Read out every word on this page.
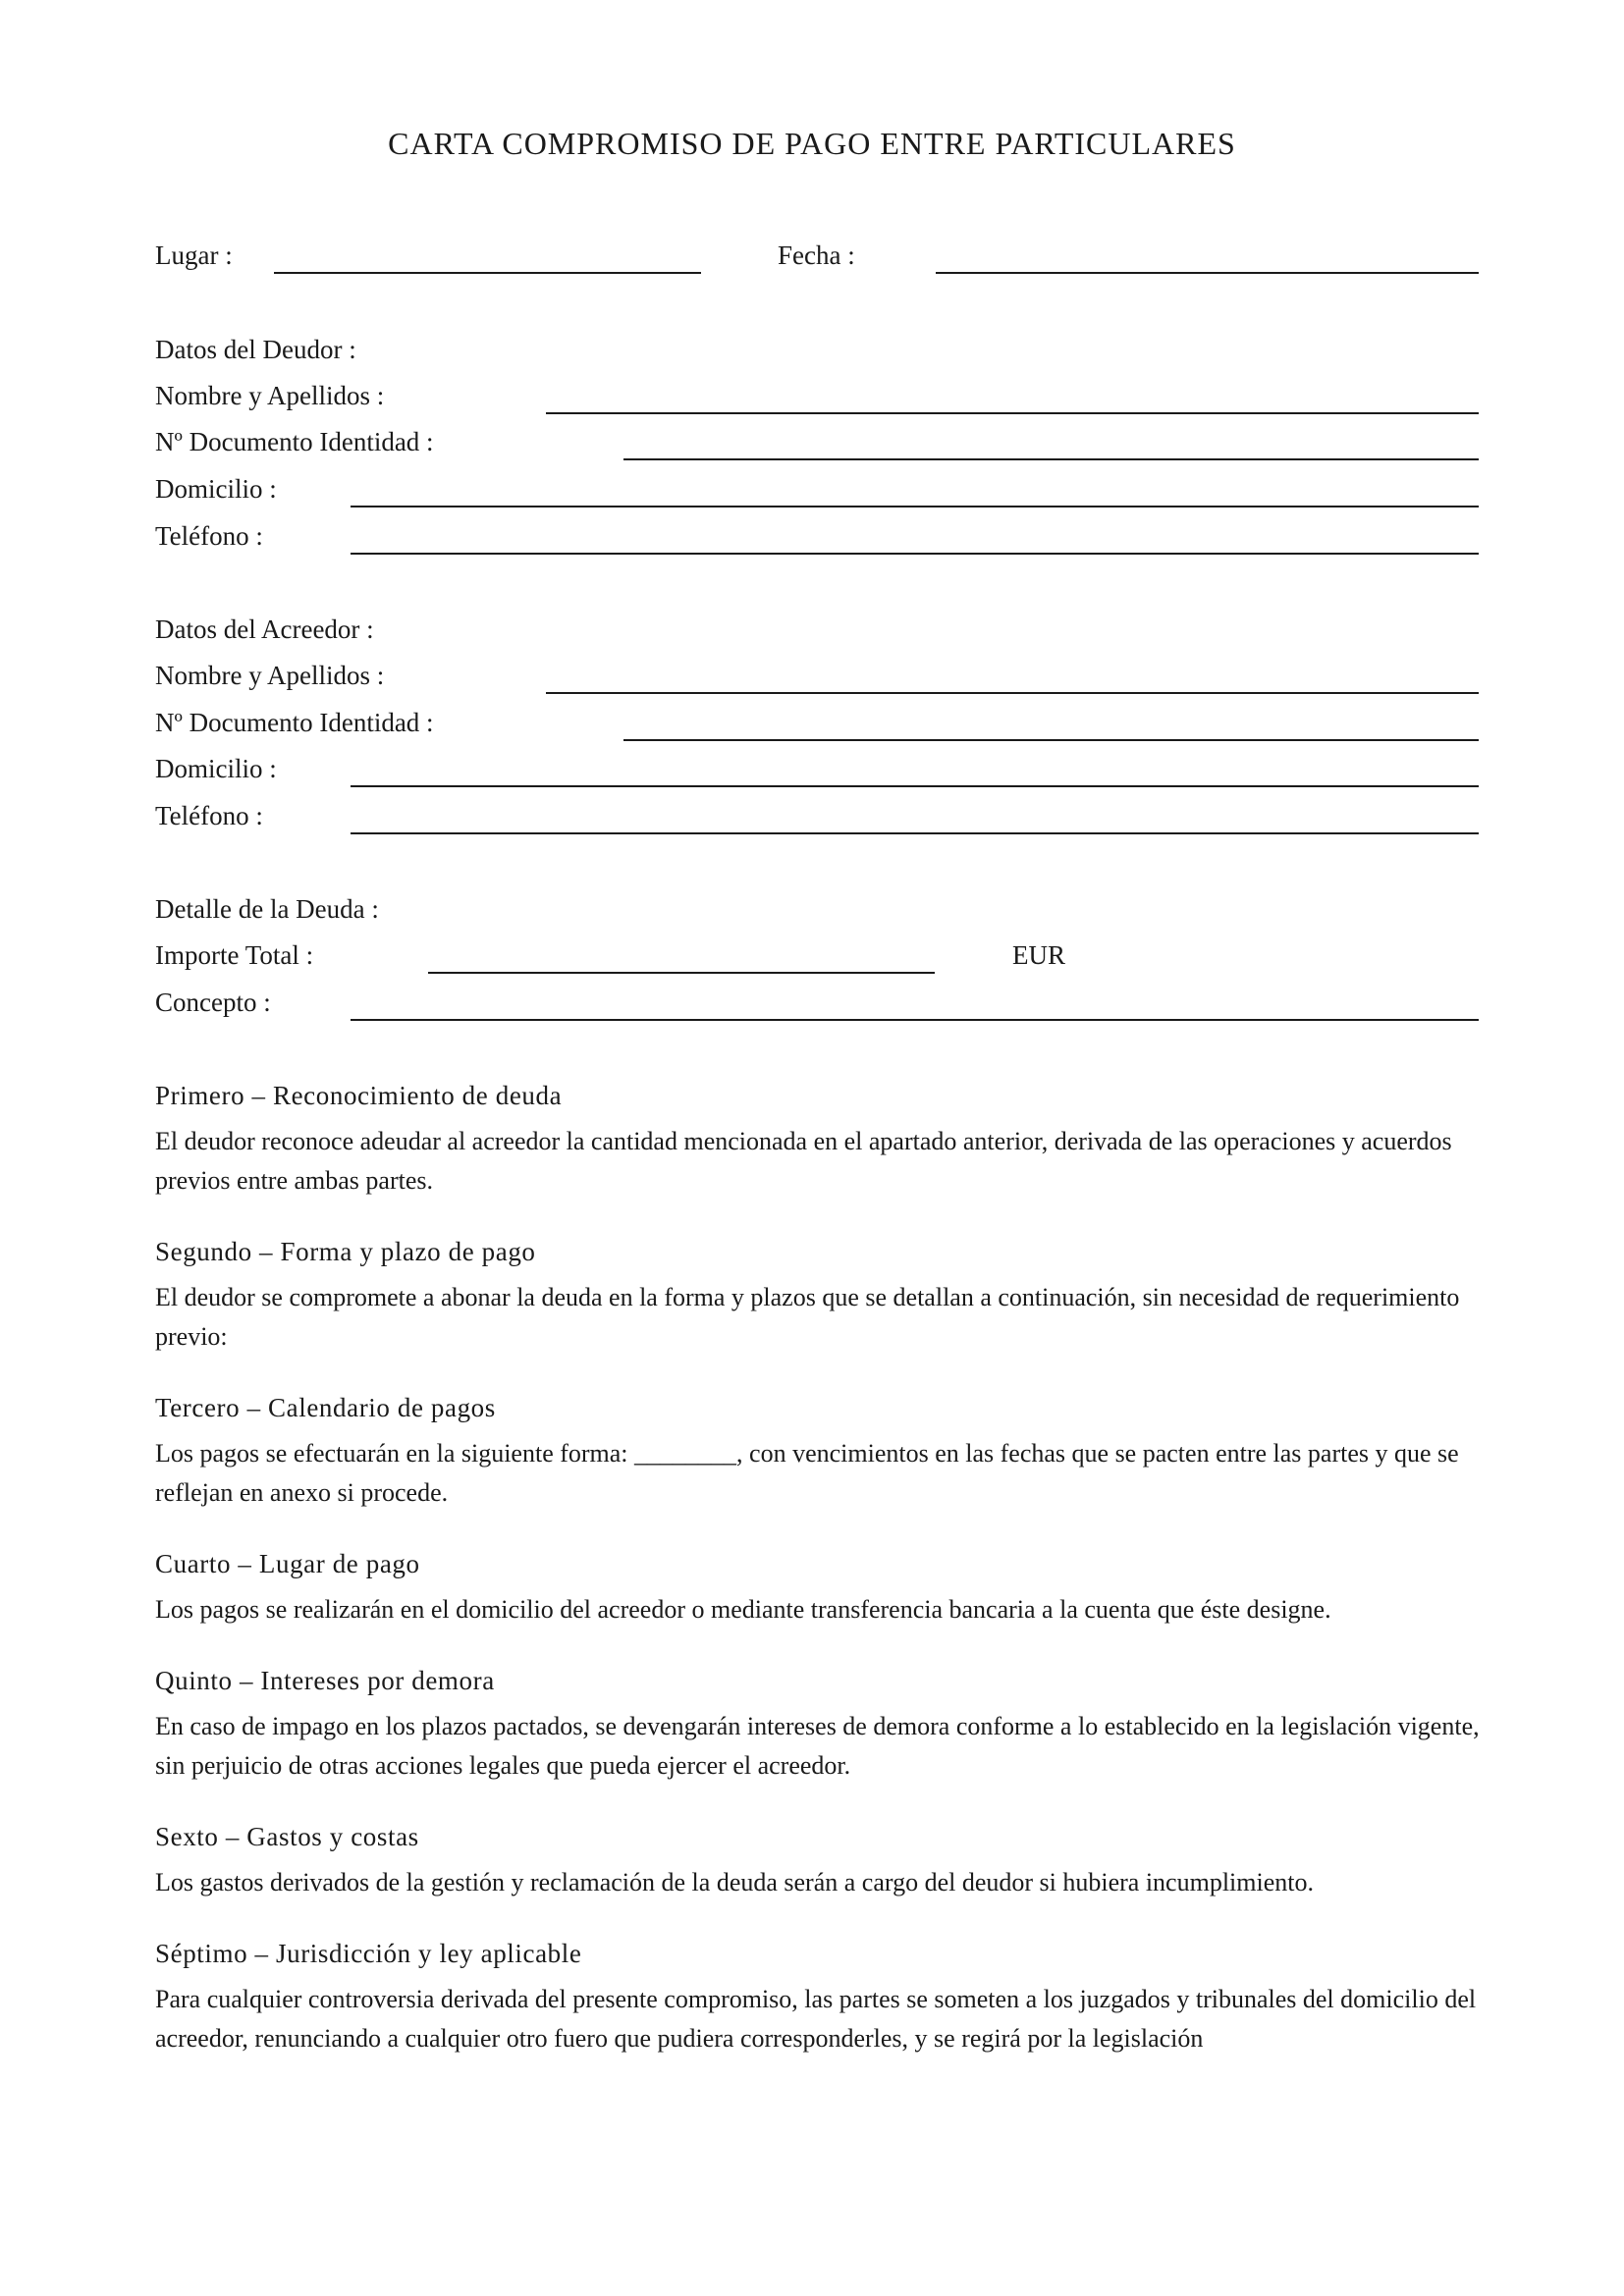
CARTA COMPROMISO DE PAGO ENTRE PARTICULARES
Lugar :	Fecha :
Datos del Deudor :
Nombre y Apellidos :
Nº Documento Identidad :
Domicilio :
Teléfono :
Datos del Acreedor :
Nombre y Apellidos :
Nº Documento Identidad :
Domicilio :
Teléfono :
Detalle de la Deuda :
Importe Total :	EUR
Concepto :
Primero – Reconocimiento de deuda
El deudor reconoce adeudar al acreedor la cantidad mencionada en el apartado anterior, derivada de las operaciones y acuerdos previos entre ambas partes.
Segundo – Forma y plazo de pago
El deudor se compromete a abonar la deuda en la forma y plazos que se detallan a continuación, sin necesidad de requerimiento previo:
Tercero – Calendario de pagos
Los pagos se efectuarán en la siguiente forma: ________, con vencimientos en las fechas que se pacten entre las partes y que se reflejan en anexo si procede.
Cuarto – Lugar de pago
Los pagos se realizarán en el domicilio del acreedor o mediante transferencia bancaria a la cuenta que éste designe.
Quinto – Intereses por demora
En caso de impago en los plazos pactados, se devengarán intereses de demora conforme a lo establecido en la legislación vigente, sin perjuicio de otras acciones legales que pueda ejercer el acreedor.
Sexto – Gastos y costas
Los gastos derivados de la gestión y reclamación de la deuda serán a cargo del deudor si hubiera incumplimiento.
Séptimo – Jurisdicción y ley aplicable
Para cualquier controversia derivada del presente compromiso, las partes se someten a los juzgados y tribunales del domicilio del acreedor, renunciando a cualquier otro fuero que pudiera corresponderles, y se regirá por la legislación
